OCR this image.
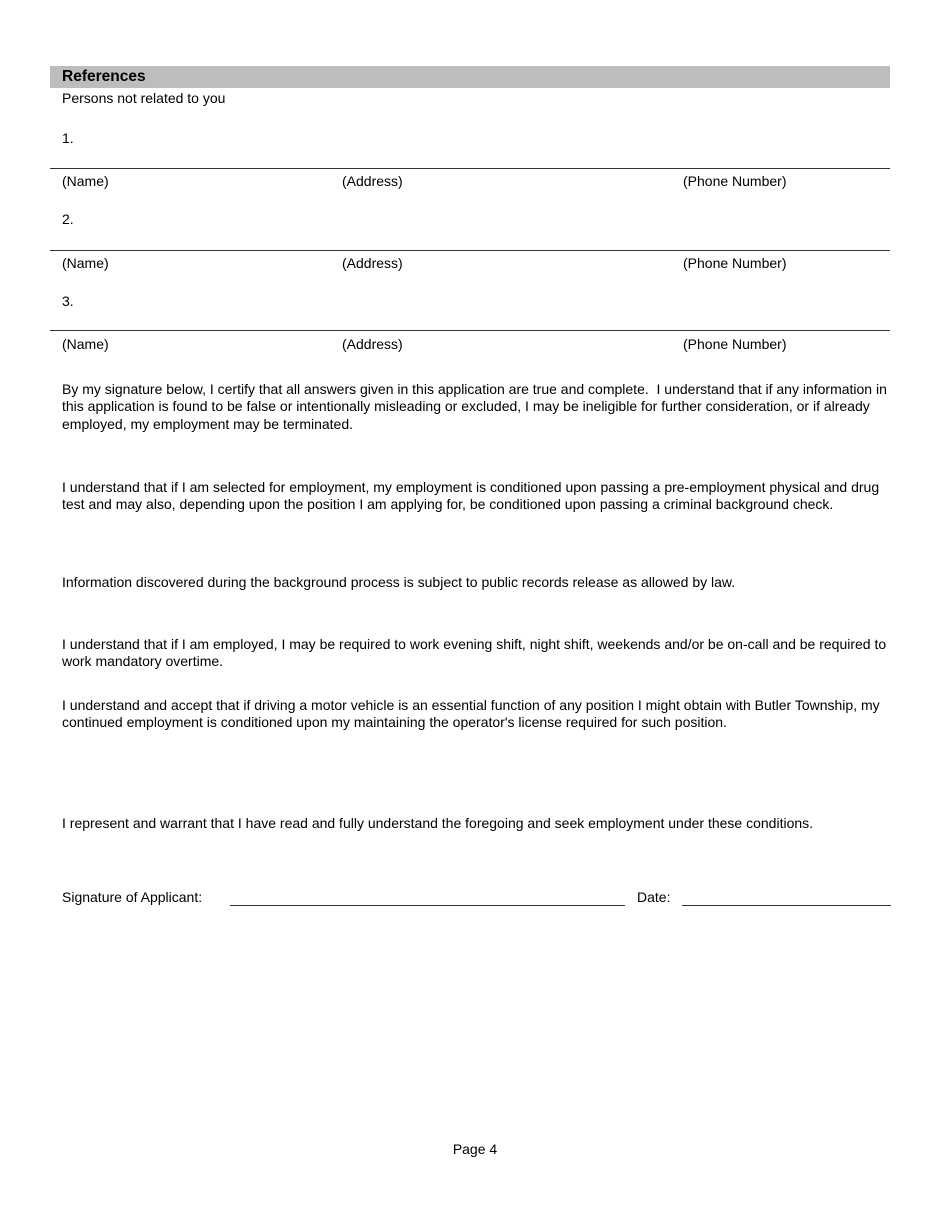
References
Persons not related to you
1.
(Name)	(Address)	(Phone Number)
2.
(Name)	(Address)	(Phone Number)
3.
(Name)	(Address)	(Phone Number)
By my signature below, I certify that all answers given in this application are true and complete.  I understand that if any information in this application is found to be false or intentionally misleading or excluded, I may be ineligible for further consideration, or if already employed, my employment may be terminated.
I understand that if I am selected for employment, my employment is conditioned upon passing a pre-employment physical and drug test and may also, depending upon the position I am applying for, be conditioned upon passing a criminal background check.
Information discovered during the background process is subject to public records release as allowed by law.
I understand that if I am employed, I may be required to work evening shift, night shift, weekends and/or be on-call and be required to work mandatory overtime.
I understand and accept that if driving a motor vehicle is an essential function of any position I might obtain with Butler Township, my continued employment is conditioned upon my maintaining the operator's license required for such position.
I represent and warrant that I have read and fully understand the foregoing and seek employment under these conditions.
Signature of Applicant:	Date:
Page 4
